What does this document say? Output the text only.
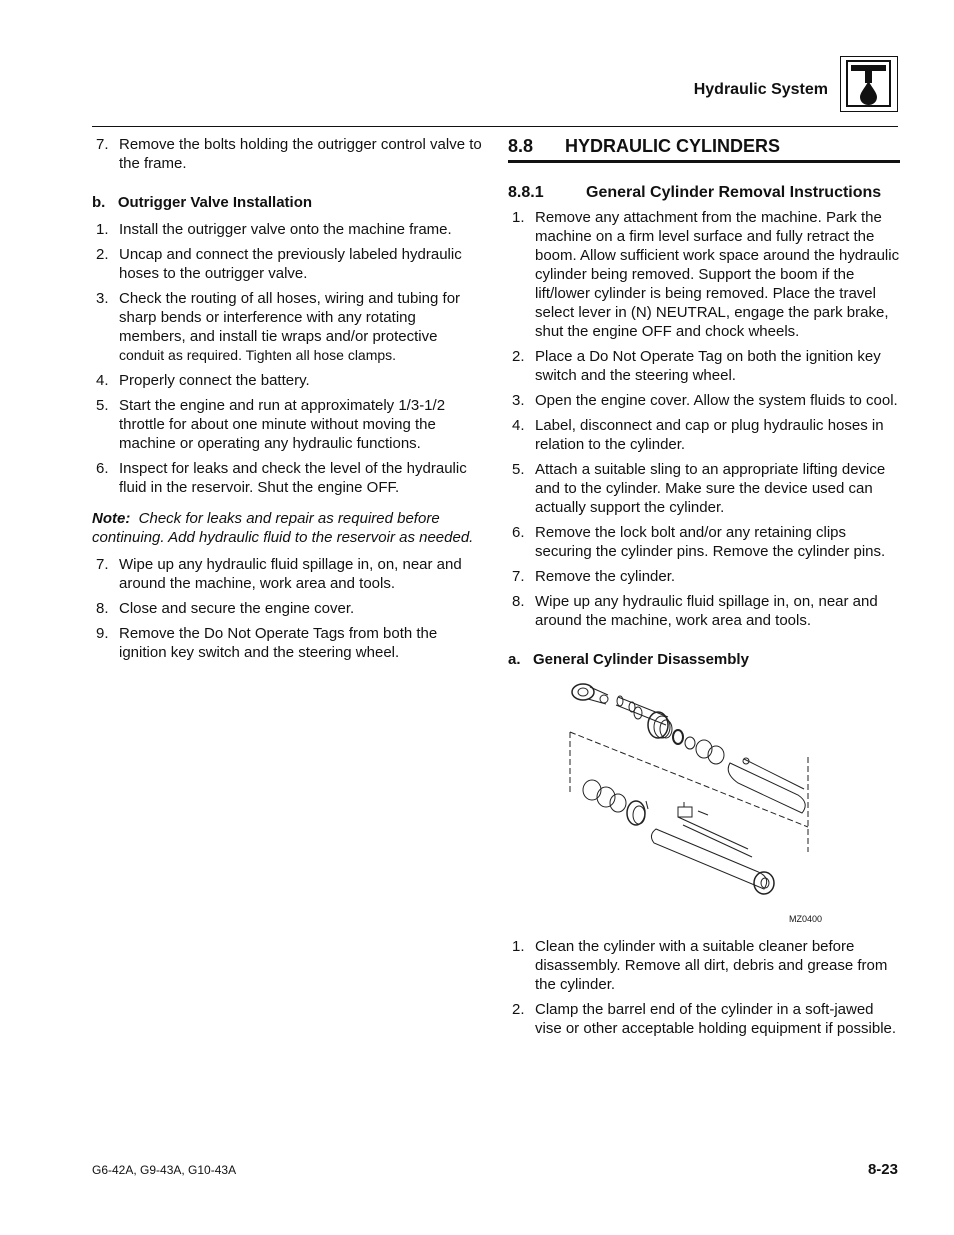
Hydraulic System
7. Remove the bolts holding the outrigger control valve to the frame.
b.   Outrigger Valve Installation
1. Install the outrigger valve onto the machine frame.
2. Uncap and connect the previously labeled hydraulic hoses to the outrigger valve.
3. Check the routing of all hoses, wiring and tubing for sharp bends or interference with any rotating members, and install tie wraps and/or protective
conduit as required. Tighten all hose clamps.
4. Properly connect the battery.
5. Start the engine and run at approximately 1/3-1/2 throttle for about one minute without moving the machine or operating any hydraulic functions.
6. Inspect for leaks and check the level of the hydraulic fluid in the reservoir. Shut the engine OFF.

Note:  Check for leaks and repair as required before continuing. Add hydraulic fluid to the reservoir as needed.

7. Wipe up any hydraulic fluid spillage in, on, near and around the machine, work area and tools.
8. Close and secure the engine cover.
9. Remove the Do Not Operate Tags from both the ignition key switch and the steering wheel.
8.8	HYDRAULIC CYLINDERS
8.8.1	General Cylinder Removal Instructions
1. Remove any attachment from the machine. Park the machine on a firm level surface and fully retract the boom. Allow sufficient work space around the hydraulic cylinder being removed. Support the boom if the lift/lower cylinder is being removed. Place the travel select lever in (N) NEUTRAL, engage the park brake, shut the engine OFF and chock wheels.
2. Place a Do Not Operate Tag on both the ignition key switch and the steering wheel.
3. Open the engine cover. Allow the system fluids to cool.
4. Label, disconnect and cap or plug hydraulic hoses in relation to the cylinder.
5. Attach a suitable sling to an appropriate lifting device and to the cylinder. Make sure the device used can actually support the cylinder.
6. Remove the lock bolt and/or any retaining clips securing the cylinder pins. Remove the cylinder pins.
7. Remove the cylinder.
8. Wipe up any hydraulic fluid spillage in, on, near and around the machine, work area and tools.
a.   General Cylinder Disassembly
MZ0400
1. Clean the cylinder with a suitable cleaner before disassembly. Remove all dirt, debris and grease from the cylinder.
2. Clamp the barrel end of the cylinder in a soft-jawed vise or other acceptable holding equipment if possible.
G6-42A, G9-43A, G10-43A	8-23
